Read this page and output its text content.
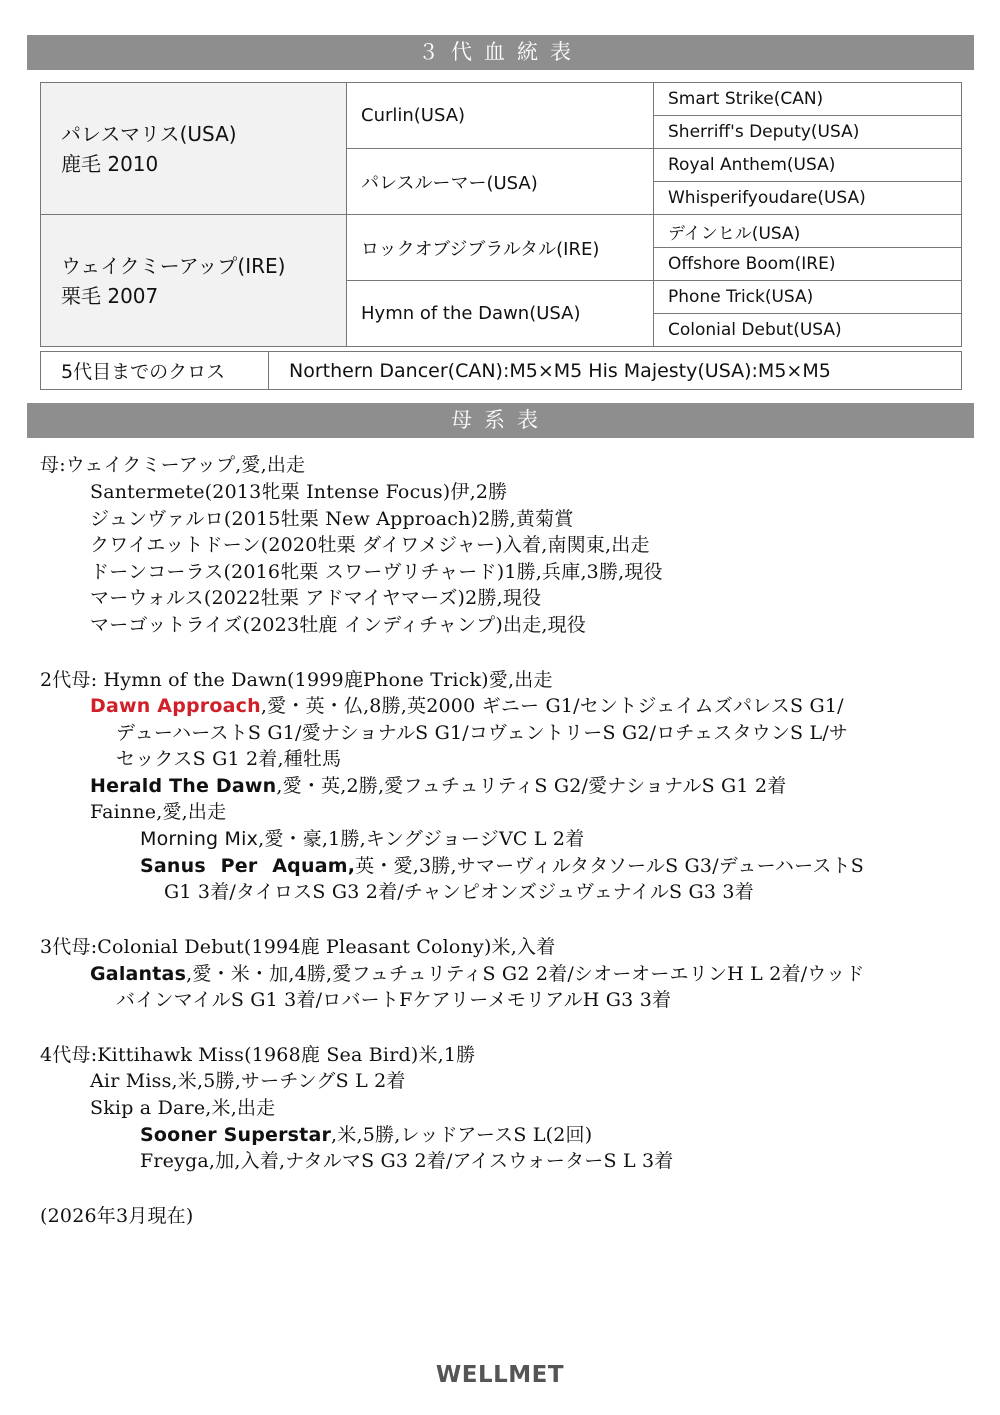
３代血統表
パレスマリス(USA)
鹿毛 2010	Curlin(USA)	Smart Strike(CAN)
		Sherriff's Deputy(USA)
	パレスルーマー(USA)	Royal Anthem(USA)
		Whisperifyoudare(USA)

ウェイクミーアップ(IRE)
栗毛 2007	ロックオブジブラルタル(IRE)	デインヒル(USA)
		Offshore Boom(IRE)
	Hymn of the Dawn(USA)	Phone Trick(USA)
		Colonial Debut(USA)
5代目までのクロス	Northern Dancer(CAN):M5×M5 His Majesty(USA):M5×M5
母系表
母:ウェイクミーアップ,愛,出走
Santermete(2013牝栗 Intense Focus)伊,2勝
ジュンヴァルロ(2015牡栗 New Approach)2勝,黄菊賞
クワイエットドーン(2020牡栗 ダイワメジャー)入着,南関東,出走
ドーンコーラス(2016牝栗 スワーヴリチャード)1勝,兵庫,3勝,現役
マーウォルス(2022牡栗 アドマイヤマーズ)2勝,現役
マーゴットライズ(2023牡鹿 インディチャンプ)出走,現役
2代母: Hymn of the Dawn(1999鹿Phone Trick)愛,出走
Dawn Approach,愛・英・仏,8勝,英2000 ギニー G1/セントジェイムズパレスS G1/
デューハーストS G1/愛ナショナルS G1/コヴェントリーS G2/ロチェスタウンS L/サ
セックスS G1 2着,種牡馬
Herald The Dawn,愛・英,2勝,愛フュチュリティS G2/愛ナショナルS G1 2着
Fainne,愛,出走
Morning Mix,愛・豪,1勝,キングジョージVC L 2着
Sanus Per Aquam,英・愛,3勝,サマーヴィルタタソールS G3/デューハーストS
G1 3着/タイロスS G3 2着/チャンピオンズジュヴェナイルS G3 3着
3代母:Colonial Debut(1994鹿 Pleasant Colony)米,入着
Galantas,愛・米・加,4勝,愛フュチュリティS G2 2着/シオーオーエリンH L 2着/ウッド
バインマイルS G1 3着/ロバートFケアリーメモリアルH G3 3着
4代母:Kittihawk Miss(1968鹿 Sea Bird)米,1勝
Air Miss,米,5勝,サーチングS L 2着
Skip a Dare,米,出走
Sooner Superstar,米,5勝,レッドアースS L(2回)
Freyga,加,入着,ナタルマS G3 2着/アイスウォーターS L 3着
(2026年3月現在)
WELLMET
